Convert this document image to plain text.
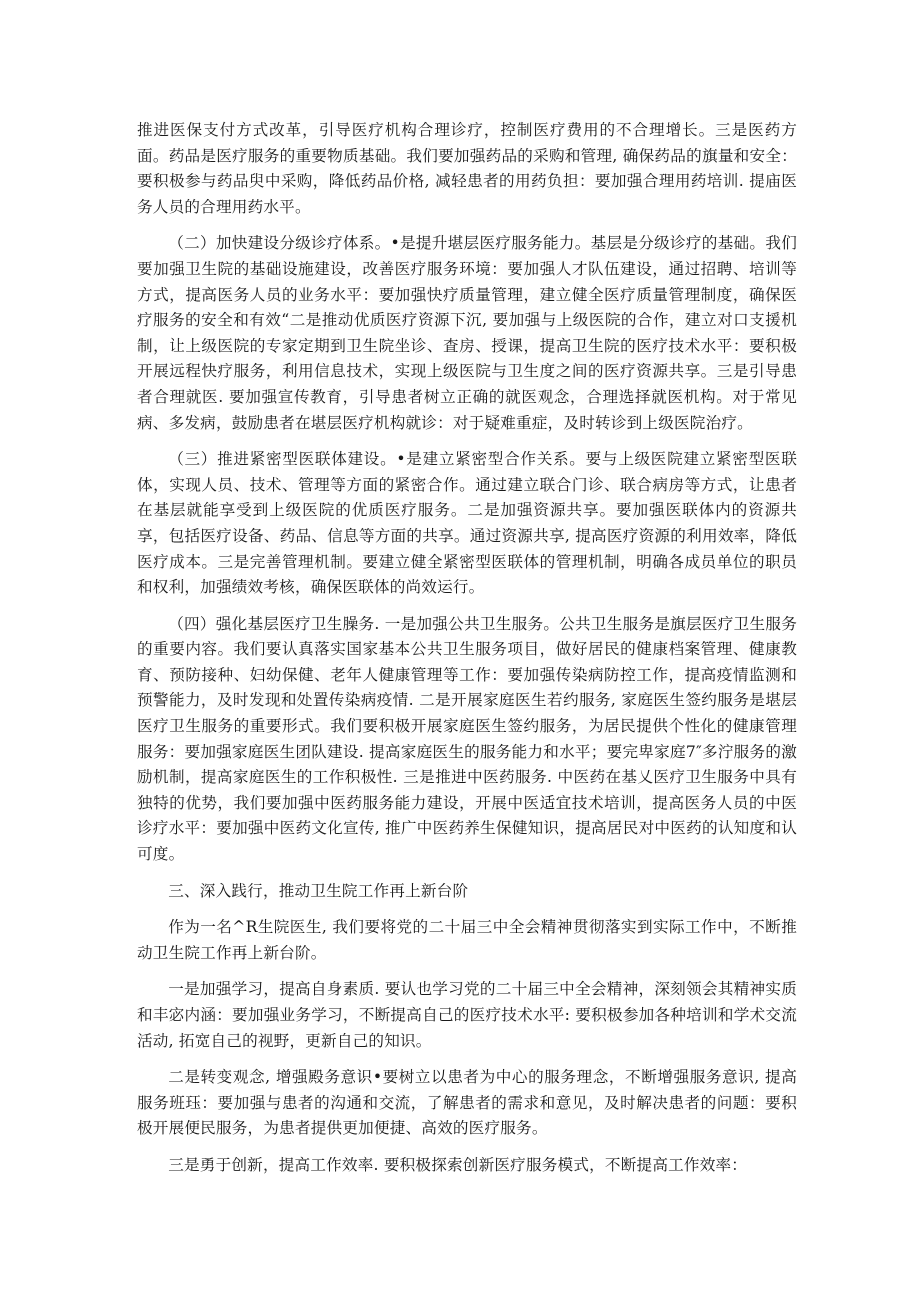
推进医保支付方式改革，引导医疗机构合理诊疗，控制医疗费用的不合理增长。三是医药方面。药品是医疗服务的重要物质基础。我们要加强药品的采购和管理, 确保药品的旗量和安全：要积极参与药品臾中采购，降低药品价格, 减轻患者的用药负担：要加强合理用药培训. 提庙医务人员的合理用药水平。

（二）加快建设分级诊疗体系。•是提升堪层医疗服务能力。基层是分级诊疗的基础。我们要加强卫生院的基础设施建设，改善医疗服务环境：要加强人才队伍建设，通过招聘、培训等方式，提高医务人员的业务水平：要加强快疗质量管理，建立健全医疗质量管理制度，确保医疗服务的安全和有效“二是推动优质医疗资源下沉, 要加强与上级医院的合作，建立对口支援机制，让上级医院的专家定期到卫生院坐诊、査房、授课，提高卫生院的医疗技术水平：要积极开展远程快疗服务，利用信息技术，实现上级医院与卫生度之间的医疗资源共享。三是引导患者合理就医. 要加强宣传教育，引导患者树立正确的就医观念，合理选择就医机构。对于常见病、多发病，鼓励患者在堪层医疗机构就诊：对于疑难重症，及时转诊到上级医院治疗。

（三）推进紧密型医联体建设。•是建立紧密型合作关系。要与上级医院建立紧密型医联体，实现人员、技术、管理等方面的紧密合作。通过建立联合门诊、联合病房等方式，让患者在基层就能享受到上级医院的优质医疗服务。二是加强资源共享。要加强医联体内的资源共享，包括医疗设备、药品、信息等方面的共享。通过资源共享, 提高医疗资源的利用效率，降低医疗成本。三是完善管理机制。要建立健全紧密型医联体的管理机制，明确各成员单位的职员和权利，加强绩效考核，确保医联体的尚效运行。

（四）强化基层医疗卫生臊务. 一是加强公共卫生服务。公共卫生服务是旗层医疗卫生服务的重要内容。我们要认真落实国家基本公共卫生服务项目，做好居民的健康档案管理、健康教育、预防接种、妇幼保健、老年人健康管理等工作：要加强传染病防控工作，提高疫情监测和预警能力，及时发现和处置传染病疫情. 二是开展家庭医生若约服务, 家庭医生签约服务是堪层医疗卫生服务的重要形式。我们要积极开展家庭医生签约服务，为居民提供个性化的健康管理服务：要加强家庭医生团队建设. 提高家庭医生的服务能力和水平；要完卑家庭7″多泞服务的激励机制，提高家庭医生的工作积极性. 三是推进中医药服务. 中医药在基乂医疗卫生服务中具有独特的优势，我们要加强中医药服务能力建设，开展中医适宜技术培训，提高医务人员的中医诊疗水平：要加强中医药文化宣传, 推广中医药养生保健知识，提高居民对中医药的认知度和认可度。

三、深入践行，推动卫生院工作再上新台阶

作为一名^R生院医生, 我们要将党的二十届三中全会精神贯彻落实到实际工作中，不断推动卫生院工作再上新台阶。

一是加强学习，提高自身素质. 要认也学习党的二十届三中全会精神，深刻领会其精神实质和丰宓内涵：要加强业务学习，不断提高自己的医疗技术水平: 要积极参加各种培训和学术交流活动, 拓宽自己的视野，更新自己的知识。

二是转变观念, 增强殿务意识•要树立以患者为中心的服务理念，不断增强服务意识, 提高服务班珏：要加强与患者的沟通和交流，了解患者的需求和意见，及时解决患者的问题：要积极开展便民服务，为患者提供更加便捷、高效的医疗服务。

三是勇于创新，提高工作效率. 要积极探索创新医疗服务模式，不断提高工作效率：
